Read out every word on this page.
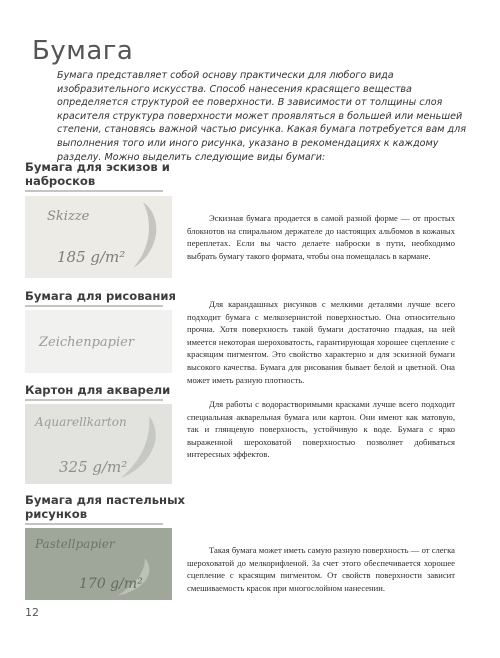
Бумага

Бумага представляет собой основу практически для любого вида изобразительного искусства. Способ нанесения красящего вещества определяется структурой ее поверхности. В зависимости от толщины слоя красителя структура поверхности может проявляться в большей или меньшей степени, становясь важной частью рисунка. Какая бумага потребуется вам для выполнения того или иного рисунка, указано в рекомендациях к каждому разделу. Можно выделить следующие виды бумаги:

Бумага для эскизов и набросков
Skizze
185 g/m²

Эскизная бумага продается в самой разной форме — от простых блокнотов на спиральном держателе до настоящих альбомов в кожаных переплетах. Если вы часто делаете наброски в пути, необходимо выбрать бумагу такого формата, чтобы она помещалась в кармане.

Бумага для рисования
Zeichenpapier

Для карандашных рисунков с мелкими деталями лучше всего подходит бумага с мелкозернистой поверхностью. Она относительно прочна. Хотя поверхность такой бумаги достаточно гладкая, на ней имеется некоторая шероховатость, гарантирующая хорошее сцепление с красящим пигментом. Это свойство характерно и для эскизной бумаги высокого качества. Бумага для рисования бывает белой и цветной. Она может иметь разную плотность.

Картон для акварели
Aquarellkarton
325 g/m²

Для работы с водорастворимыми красками лучше всего подходит специальная акварельная бумага или картон. Они имеют как матовую, так и глянцевую поверхность, устойчивую к воде. Бумага с ярко выраженной шероховатой поверхностью позволяет добиваться интересных эффектов.

Бумага для пастельных рисунков
Pastellpapier
170 g/m²

Такая бумага может иметь самую разную поверхность — от слегка шероховатой до мелкорифленой. За счет этого обеспечивается хорошее сцепление с красящим пигментом. От свойств поверхности зависит смешиваемость красок при многослойном нанесении.

12
